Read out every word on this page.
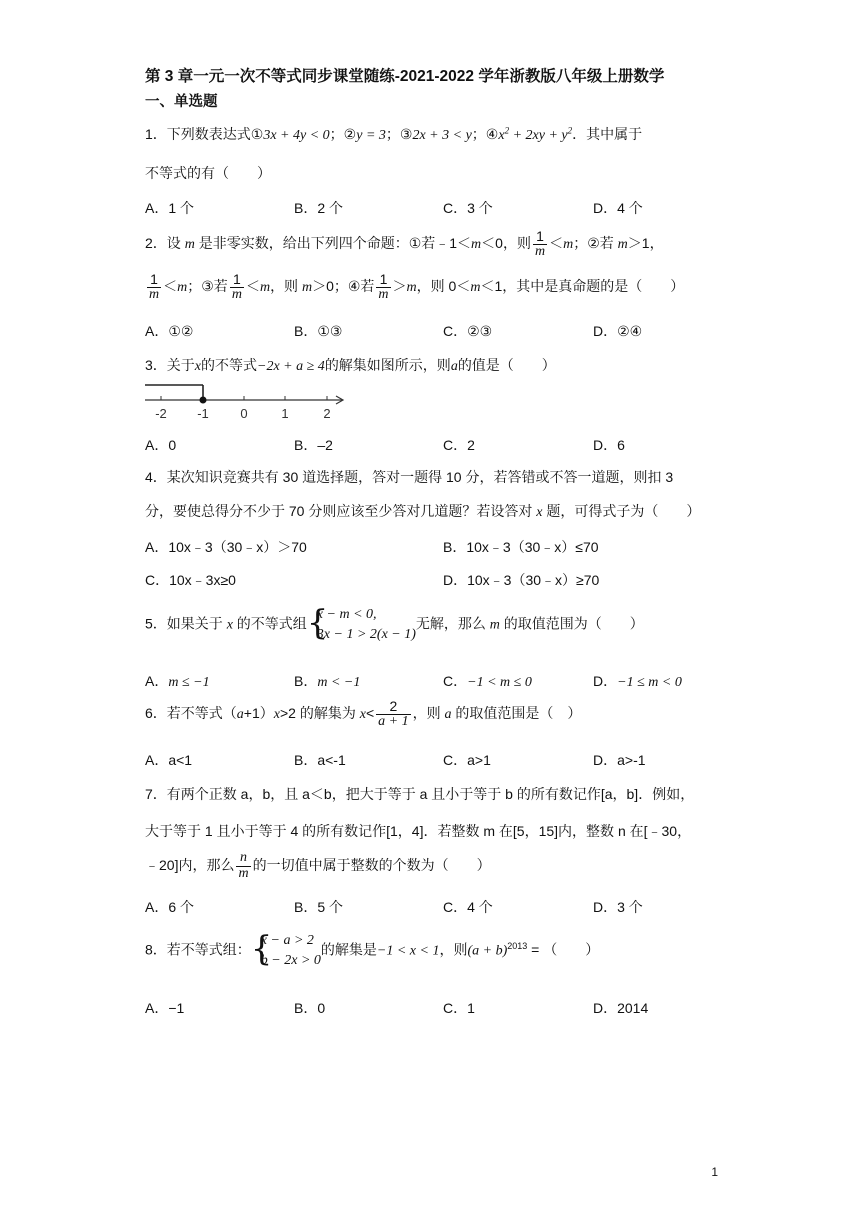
第 3 章一元一次不等式同步课堂随练-2021-2022 学年浙教版八年级上册数学
一、单选题
1．下列数表达式①3x + 4y < 0；②y = 3；③2x + 3 < y；$④x^2 + 2xy + y^2$．其中属于
不等式的有（　　）
A．1 个	B．2 个	C．3 个	D．4 个
2．设 m 是非零实数，给出下列四个命题：①若﹣1＜m＜0，则 $\frac{1}{m} <m$；②若 m＞1，
$\frac{1}{m} <m$；③若 $\frac{1}{m} <m$，则 m＞0；④若 $\frac{1}{m} >m$，则 0＜m＜1，其中是真命题的是（　　）
A．①②	B．①③	C．②③	D．②④
3．关于x的不等式−2x + a ≥ 4的解集如图所示，则a的值是（　　）
-2 -1 0	1	2
A．0	B．–2	C．2	D．6
4．某次知识竞赛共有 30 道选择题，答对一题得 10 分，若答错或不答一道题，则扣 3
分，要使总得分不少于 70 分则应该至少答对几道题？若设答对 x 题，可得式子为（　　）
A．10x﹣3（30﹣x）＞70	B．10x﹣3（30﹣x）≤70
C．10x﹣3x≥0	D．10x﹣3（30﹣x）≥70
5．如果关于 x 的不等式组 {
x − m < 0,
3x − 1 > 2(x − 1)
无解，那么 m 的取值范围为（　　）
A．m ≤ −1	B．m < −1	C．−1 < m ≤ 0	D．−1 ≤ m < 0
6．若不等式（a+1）x>2 的解集为 $x< \frac{2}{a + 1}$ ，则 a 的取值范围是（　）
A．a<1	B．a<-1	C．a>1	D．a>-1
7．有两个正数 a，b，且 a＜b，把大于等于 a 且小于等于 b 的所有数记作[a，b]．例如，
大于等于 1 且小于等于 4 的所有数记作[1，4]．若整数 m 在[5，15]内，整数 n 在[﹣30，
﹣20]内，那么 $\frac{n}{m}$ 的一切值中属于整数的个数为（　　）
A．6 个	B．5 个	C．4 个	D．3 个
8．若不等式组： {
x − a > 2
b − 2x > 0
的解集是−1 < x < 1，则$(a + b)^{2013}$ = （　　）
A．−1	B．0	C．1	D．2014
1
